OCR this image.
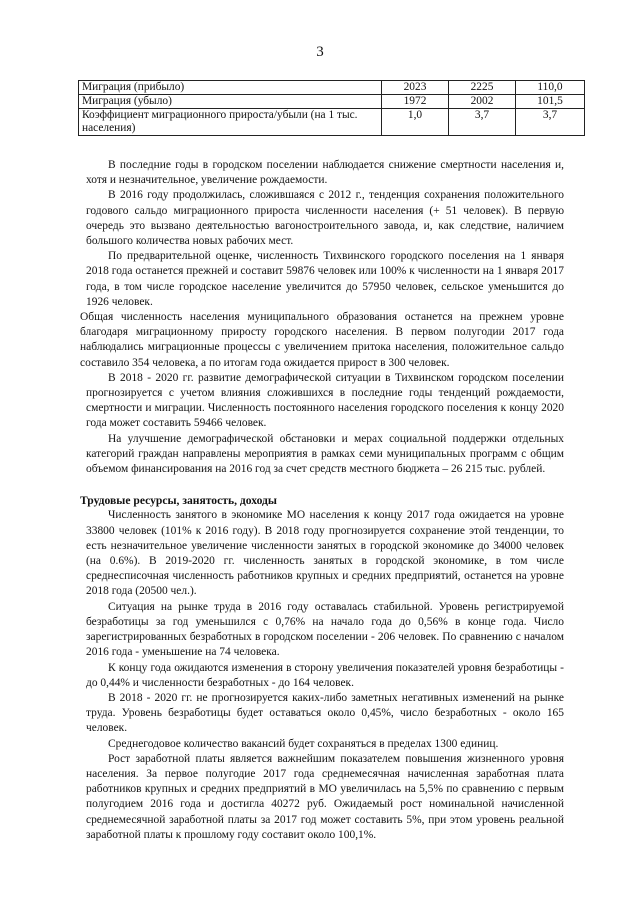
3
Миграция (прибыло)	2023	2225	110,0
Миграция (убыло)	1972	2002	101,5
Коэффициент миграционного прироста/убыли (на 1 тыс. населения)	1,0	3,7	3,7

В последние годы в городском поселении наблюдается снижение смертности населения и, хотя и незначительное, увеличение рождаемости.

В 2016 году продолжилась, сложившаяся с 2012 г., тенденция сохранения положительного годового сальдо миграционного прироста численности населения (+ 51 человек). В первую очередь это вызвано деятельностью вагоностроительного завода, и, как следствие, наличием большого количества новых рабочих мест.

По предварительной оценке, численность Тихвинского городского поселения на 1 января 2018 года останется прежней и составит 59876 человек или 100% к численности на 1 января 2017 года, в том числе городское население увеличится до 57950 человек, сельское уменьшится до 1926 человек.

Общая численность населения муниципального образования останется на прежнем уровне благодаря миграционному приросту городского населения. В первом полугодии 2017 года наблюдались миграционные процессы с увеличением притока населения, положительное сальдо составило 354 человека, а по итогам года ожидается прирост в 300 человек.

В 2018 - 2020 гг. развитие демографической ситуации в Тихвинском городском поселении прогнозируется с учетом влияния сложившихся в последние годы тенденций рождаемости, смертности и миграции. Численность постоянного населения городского поселения к концу 2020 года может составить 59466 человек.

На улучшение демографической обстановки и мерах социальной поддержки отдельных категорий граждан направлены мероприятия в рамках семи муниципальных программ с общим объемом финансирования на 2016 год за счет средств местного бюджета – 26 215 тыс. рублей.

Трудовые ресурсы, занятость, доходы

Численность занятого в экономике МО населения к концу 2017 года ожидается на уровне 33800 человек (101% к 2016 году). В 2018 году прогнозируется сохранение этой тенденции, то есть незначительное увеличение численности занятых в городской экономике до 34000 человек (на 0.6%). В 2019-2020 гг. численность занятых в городской экономике, в том числе среднесписочная численность работников крупных и средних предприятий, останется на уровне 2018 года (20500 чел.).

Ситуация на рынке труда в 2016 году оставалась стабильной. Уровень регистрируемой безработицы за год уменьшился с 0,76% на начало года до 0,56% в конце года. Число зарегистрированных безработных в городском поселении - 206 человек. По сравнению с началом 2016 года - уменьшение на 74 человека.

К концу года ожидаются изменения в сторону увеличения показателей уровня безработицы - до 0,44% и численности безработных - до 164 человек.

В 2018 - 2020 гг. не прогнозируется каких-либо заметных негативных изменений на рынке труда. Уровень безработицы будет оставаться около 0,45%, число безработных - около 165 человек.

Среднегодовое количество вакансий будет сохраняться в пределах 1300 единиц.

Рост заработной платы является важнейшим показателем повышения жизненного уровня населения. За первое полугодие 2017 года среднемесячная начисленная заработная плата работников крупных и средних предприятий в МО увеличилась на 5,5% по сравнению с первым полугодием 2016 года и достигла 40272 руб. Ожидаемый рост номинальной начисленной среднемесячной заработной платы за 2017 год может составить 5%, при этом уровень реальной заработной платы к прошлому году составит около 100,1%.
